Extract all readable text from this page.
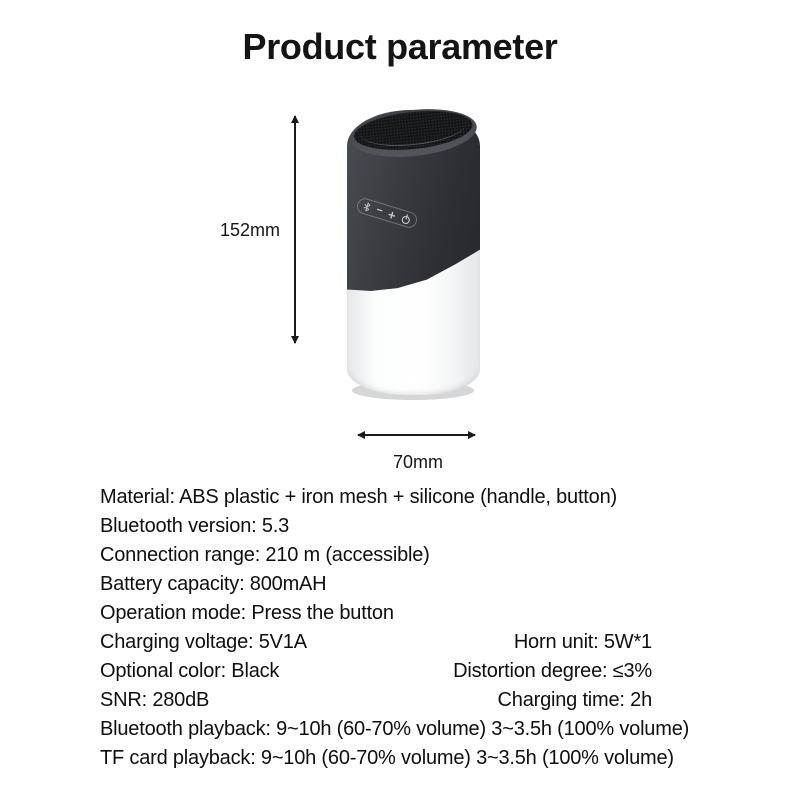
Product parameter
152mm
− +
70mm
Material: ABS plastic + iron mesh + silicone (handle, button)
Bluetooth version: 5.3
Connection range: 210 m (accessible)
Battery capacity: 800mAH
Operation mode: Press the button
Charging voltage: 5V1A	Horn unit: 5W*1
Optional color: Black	Distortion degree: ≤3%
SNR: 280dB	Charging time: 2h
Bluetooth playback: 9~10h (60-70% volume) 3~3.5h (100% volume)
TF card playback: 9~10h (60-70% volume) 3~3.5h (100% volume)
